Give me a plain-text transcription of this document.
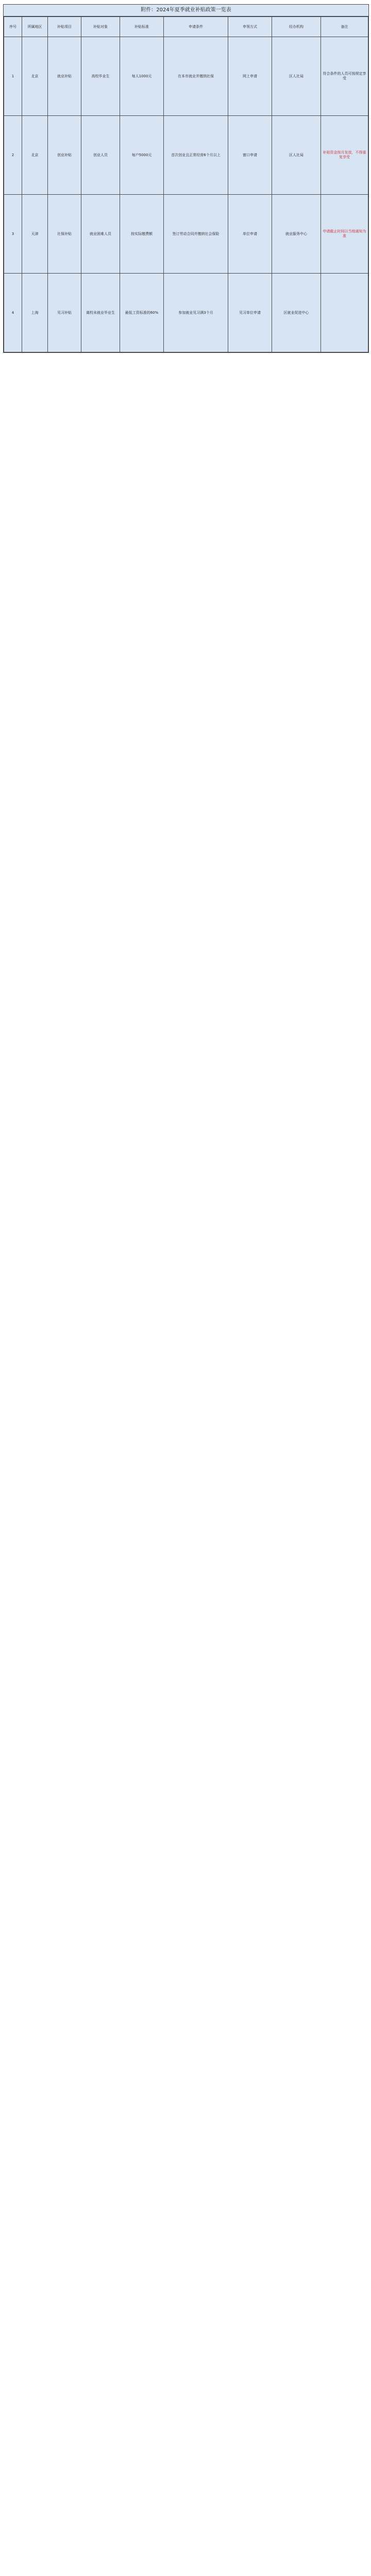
附件：2024年夏季就业补贴政策一览表
序号	所属地区	补贴项目	补贴对象	补贴标准	申请条件	申领方式	经办机构	备注
1	北京	就业补贴	高校毕业生	每人1000元	在本市就业并缴纳社保	网上申请	区人社局	符合条件的人员可按规定享受
2	北京	创业补贴	创业人员	每户5000元	首次创业且正常经营6个月以上	窗口申请	区人社局	补贴资金按月发放，不得重复享受
3	天津	社保补贴	就业困难人员	按实际缴费额	签订劳动合同并缴纳社会保险	单位申请	就业服务中心	申请截止时间以当地通知为准
4	上海	见习补贴	离校未就业毕业生	最低工资标准的60%	参加就业见习满3个月	见习单位申请	区就业促进中心	
